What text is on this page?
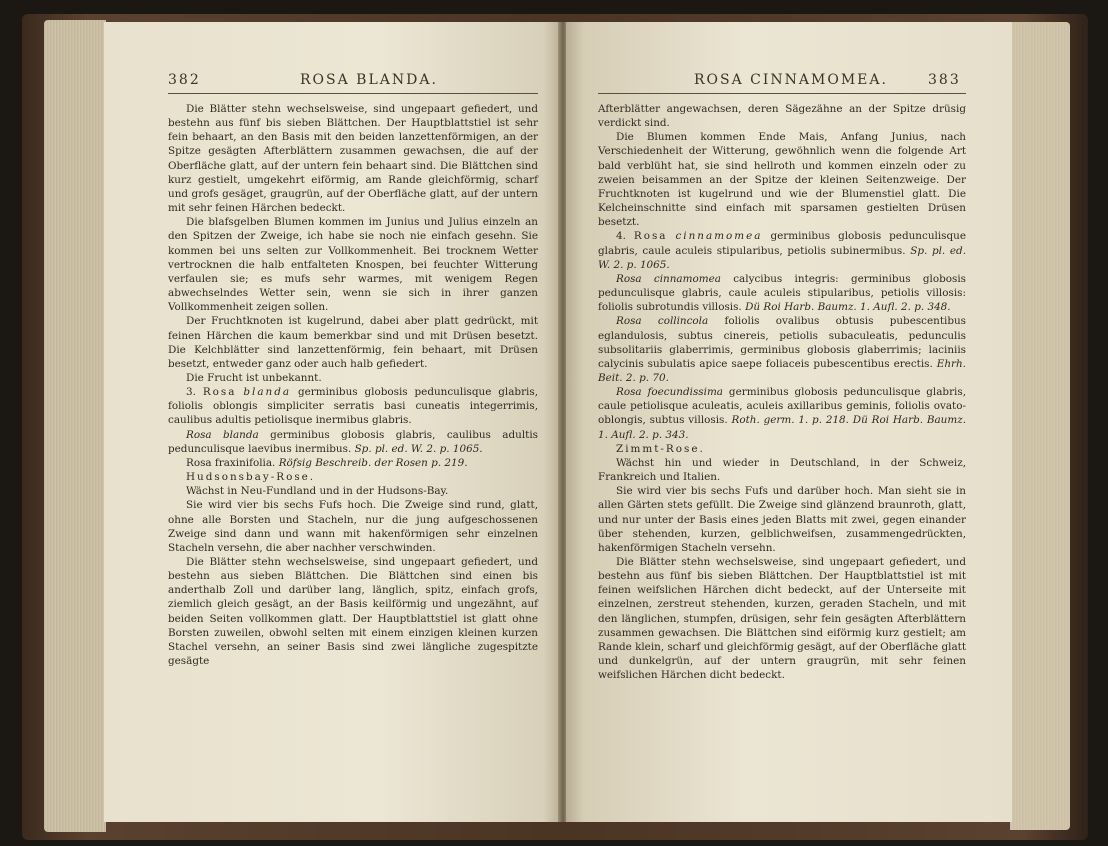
382	ROSA BLANDA.

Die Blätter stehn wechselsweise, sind ungepaart gefiedert, und bestehn aus fünf bis sieben Blättchen. Der Hauptblattstiel ist sehr fein behaart, an den Basis mit den beiden lanzettenförmigen, an der Spitze gesägten Afterblättern zusammen gewachsen, die auf der Oberfläche glatt, auf der untern fein behaart sind. Die Blättchen sind kurz gestielt, umgekehrt eiförmig, am Rande gleichförmig, scharf und grofs gesäget, graugrün, auf der Oberfläche glatt, auf der untern mit sehr feinen Härchen bedeckt.

Die blafsgelben Blumen kommen im Junius und Julius einzeln an den Spitzen der Zweige, ich habe sie noch nie einfach gesehn. Sie kommen bei uns selten zur Vollkommenheit. Bei trocknem Wetter vertrocknen die halb entfalteten Knospen, bei feuchter Witterung verfaulen sie; es mufs sehr warmes, mit wenigem Regen abwechselndes Wetter sein, wenn sie sich in ihrer ganzen Vollkommenheit zeigen sollen.

Der Fruchtknoten ist kugelrund, dabei aber platt gedrückt, mit feinen Härchen die kaum bemerkbar sind und mit Drüsen besetzt. Die Kelchblätter sind lanzettenförmig, fein behaart, mit Drüsen besetzt, entweder ganz oder auch halb gefiedert.

Die Frucht ist unbekannt.

3. Rosa blanda germinibus globosis pedunculisque glabris, foliolis oblongis simpliciter serratis basi cuneatis integerrimis, caulibus adultis petiolisque inermibus glabris.

Rosa blanda germinibus globosis glabris, caulibus adultis pedunculisque laevibus inermibus. Sp. pl. ed. W. 2. p. 1065.

Rosa fraxinifolia. Röfsig Beschreib. der Rosen p. 219.

Hudsonsbay-Rose.

Wächst in Neu-Fundland und in der Hudsons-Bay.

Sie wird vier bis sechs Fufs hoch. Die Zweige sind rund, glatt, ohne alle Borsten und Stacheln, nur die jung aufgeschossenen Zweige sind dann und wann mit hakenförmigen sehr einzelnen Stacheln versehn, die aber nachher verschwinden.

Die Blätter stehn wechselsweise, sind ungepaart gefiedert, und bestehn aus sieben Blättchen. Die Blättchen sind einen bis anderthalb Zoll und darüber lang, länglich, spitz, einfach grofs, ziemlich gleich gesägt, an der Basis keilförmig und ungezähnt, auf beiden Seiten vollkommen glatt. Der Hauptblattstiel ist glatt ohne Borsten zuweilen, obwohl selten mit einem einzigen kleinen kurzen Stachel versehn, an seiner Basis sind zwei längliche zugespitzte gesägte

ROSA CINNAMOMEA.	383

Afterblätter angewachsen, deren Sägezähne an der Spitze drüsig verdickt sind.

Die Blumen kommen Ende Mais, Anfang Junius, nach Verschiedenheit der Witterung, gewöhnlich wenn die folgende Art bald verblüht hat, sie sind hellroth und kommen einzeln oder zu zweien beisammen an der Spitze der kleinen Seitenzweige. Der Fruchtknoten ist kugelrund und wie der Blumenstiel glatt. Die Kelcheinschnitte sind einfach mit sparsamen gestielten Drüsen besetzt.

4. Rosa cinnamomea germinibus globosis pedunculisque glabris, caule aculeis stipularibus, petiolis subinermibus. Sp. pl. ed. W. 2. p. 1065.

Rosa cinnamomea calycibus integris: germinibus globosis pedunculisque glabris, caule aculeis stipularibus, petiolis villosis: foliolis subrotundis villosis. Dü Roi Harb. Baumz. 1. Aufl. 2. p. 348.

Rosa collincola foliolis ovalibus obtusis pubescentibus eglandulosis, subtus cinereis, petiolis subaculeatis, pedunculis subsolitariis glaberrimis, germinibus globosis glaberrimis; laciniis calycinis subulatis apice saepe foliaceis pubescentibus erectis. Ehrh. Beit. 2. p. 70.

Rosa foecundissima germinibus globosis pedunculisque glabris, caule petiolisque aculeatis, aculeis axillaribus geminis, foliolis ovato-oblongis, subtus villosis. Roth. germ. 1. p. 218. Dü Roi Harb. Baumz. 1. Aufl. 2. p. 343.

Zimmt-Rose.

Wächst hin und wieder in Deutschland, in der Schweiz, Frankreich und Italien.

Sie wird vier bis sechs Fufs und darüber hoch. Man sieht sie in allen Gärten stets gefüllt. Die Zweige sind glänzend braunroth, glatt, und nur unter der Basis eines jeden Blatts mit zwei, gegen einander über stehenden, kurzen, gelblichweifsen, zusammengedrückten, hakenförmigen Stacheln versehn.

Die Blätter stehn wechselsweise, sind ungepaart gefiedert, und bestehn aus fünf bis sieben Blättchen. Der Hauptblattstiel ist mit feinen weifslichen Härchen dicht bedeckt, auf der Unterseite mit einzelnen, zerstreut stehenden, kurzen, geraden Stacheln, und mit den länglichen, stumpfen, drüsigen, sehr fein gesägten Afterblättern zusammen gewachsen. Die Blättchen sind eiförmig kurz gestielt; am Rande klein, scharf und gleichförmig gesägt, auf der Oberfläche glatt und dunkelgrün, auf der untern graugrün, mit sehr feinen weifslichen Härchen dicht bedeckt.
